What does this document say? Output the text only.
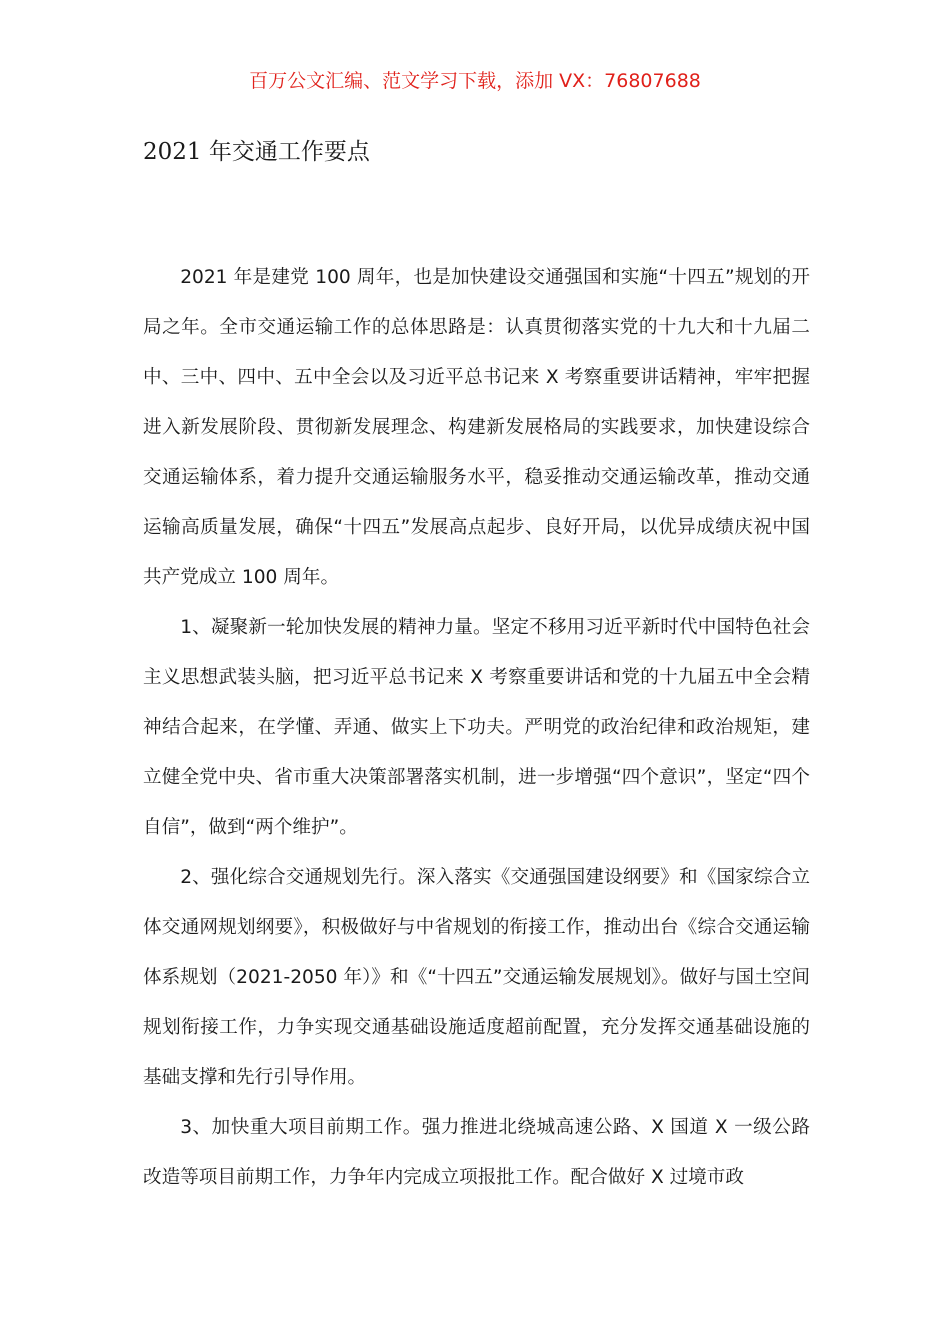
百万公文汇编、范文学习下载，添加 VX：76807688
2021 年交通工作要点

2021 年是建党 100 周年，也是加快建设交通强国和实施“十四五”规划的开局之年。全市交通运输工作的总体思路是：认真贯彻落实党的十九大和十九届二中、三中、四中、五中全会以及习近平总书记来 X 考察重要讲话精神，牢牢把握进入新发展阶段、贯彻新发展理念、构建新发展格局的实践要求，加快建设综合交通运输体系，着力提升交通运输服务水平，稳妥推动交通运输改革，推动交通运输高质量发展，确保“十四五”发展高点起步、良好开局，以优异成绩庆祝中国共产党成立 100 周年。

1、凝聚新一轮加快发展的精神力量。坚定不移用习近平新时代中国特色社会主义思想武装头脑，把习近平总书记来 X 考察重要讲话和党的十九届五中全会精神结合起来，在学懂、弄通、做实上下功夫。严明党的政治纪律和政治规矩，建立健全党中央、省市重大决策部署落实机制，进一步增强“四个意识”，坚定“四个自信”，做到“两个维护”。

2、强化综合交通规划先行。深入落实《交通强国建设纲要》和《国家综合立体交通网规划纲要》，积极做好与中省规划的衔接工作，推动出台《综合交通运输体系规划（2021-2050 年）》和《“十四五”交通运输发展规划》。做好与国土空间规划衔接工作，力争实现交通基础设施适度超前配置，充分发挥交通基础设施的基础支撑和先行引导作用。

3、加快重大项目前期工作。强力推进北绕城高速公路、X 国道 X 一级公路改造等项目前期工作，力争年内完成立项报批工作。配合做好 X 过境市政
